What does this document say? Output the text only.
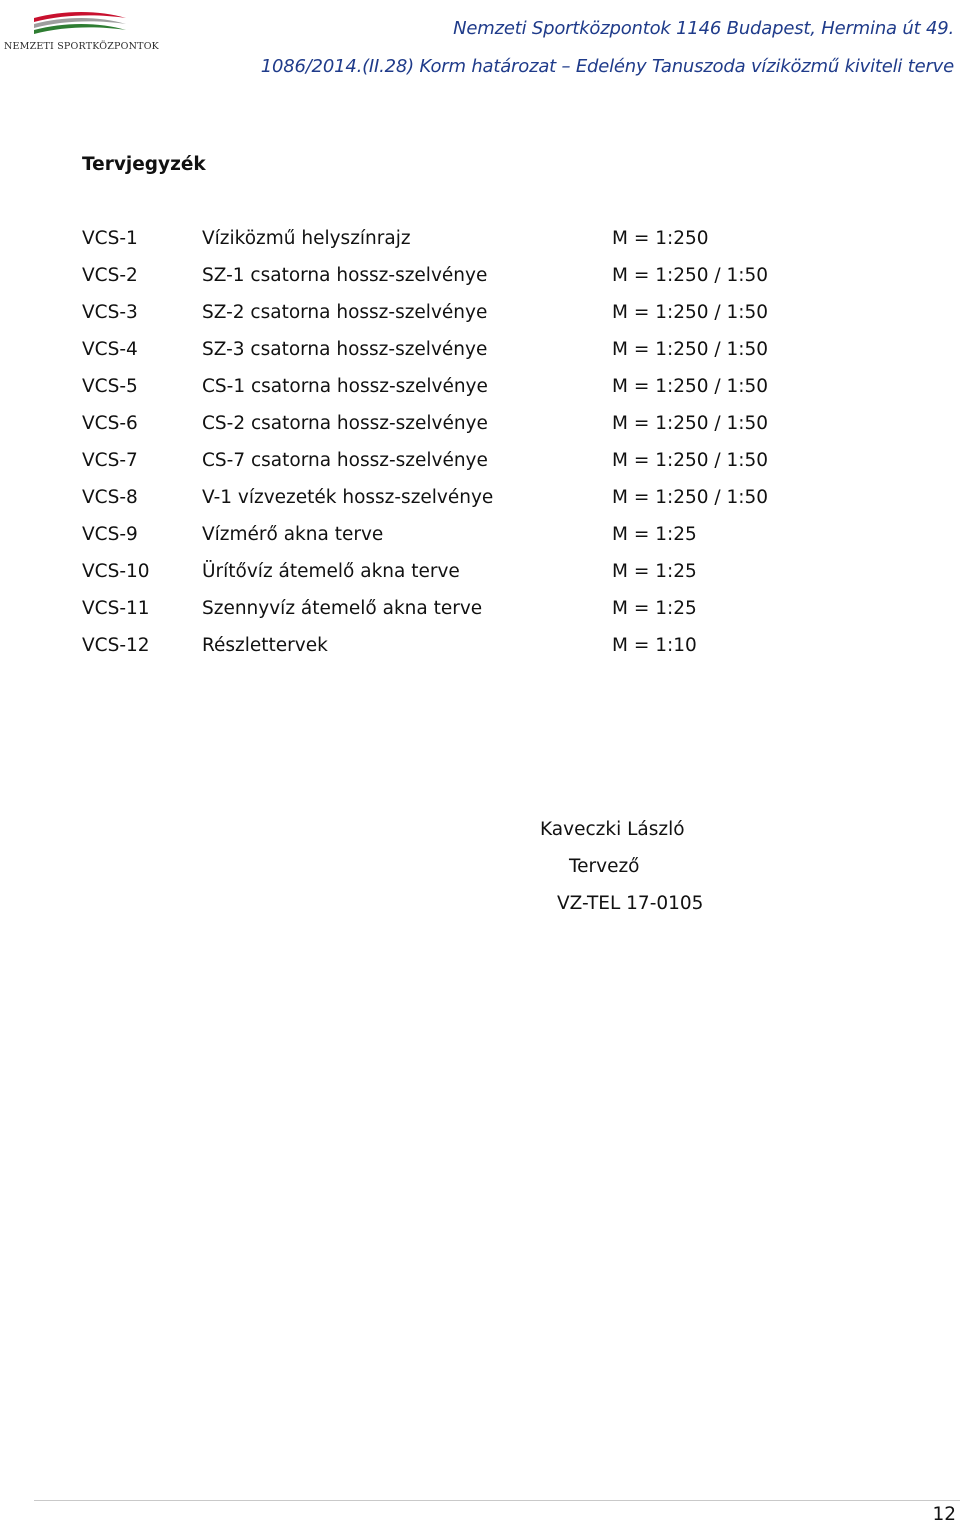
NEMZETI SPORTKÖZPONTOK
Nemzeti Sportközpontok 1146 Budapest, Hermina út 49.
1086/2014.(II.28) Korm határozat – Edelény Tanuszoda víziközmű kiviteli terve
Tervjegyzék
VCS-1	Víziközmű helyszínrajz	M = 1:250
VCS-2	SZ-1 csatorna hossz-szelvénye	M = 1:250 / 1:50
VCS-3	SZ-2 csatorna hossz-szelvénye	M = 1:250 / 1:50
VCS-4	SZ-3 csatorna hossz-szelvénye	M = 1:250 / 1:50
VCS-5	CS-1 csatorna hossz-szelvénye	M = 1:250 / 1:50
VCS-6	CS-2 csatorna hossz-szelvénye	M = 1:250 / 1:50
VCS-7	CS-7 csatorna hossz-szelvénye	M = 1:250 / 1:50
VCS-8	V-1 vízvezeték hossz-szelvénye	M = 1:250 / 1:50
VCS-9	Vízmérő akna terve	M = 1:25
VCS-10	Ürítővíz átemelő akna terve	M = 1:25
VCS-11	Szennyvíz átemelő akna terve	M = 1:25
VCS-12	Részlettervek	M = 1:10
Kaveczki László
Tervező
VZ-TEL 17-0105
12
